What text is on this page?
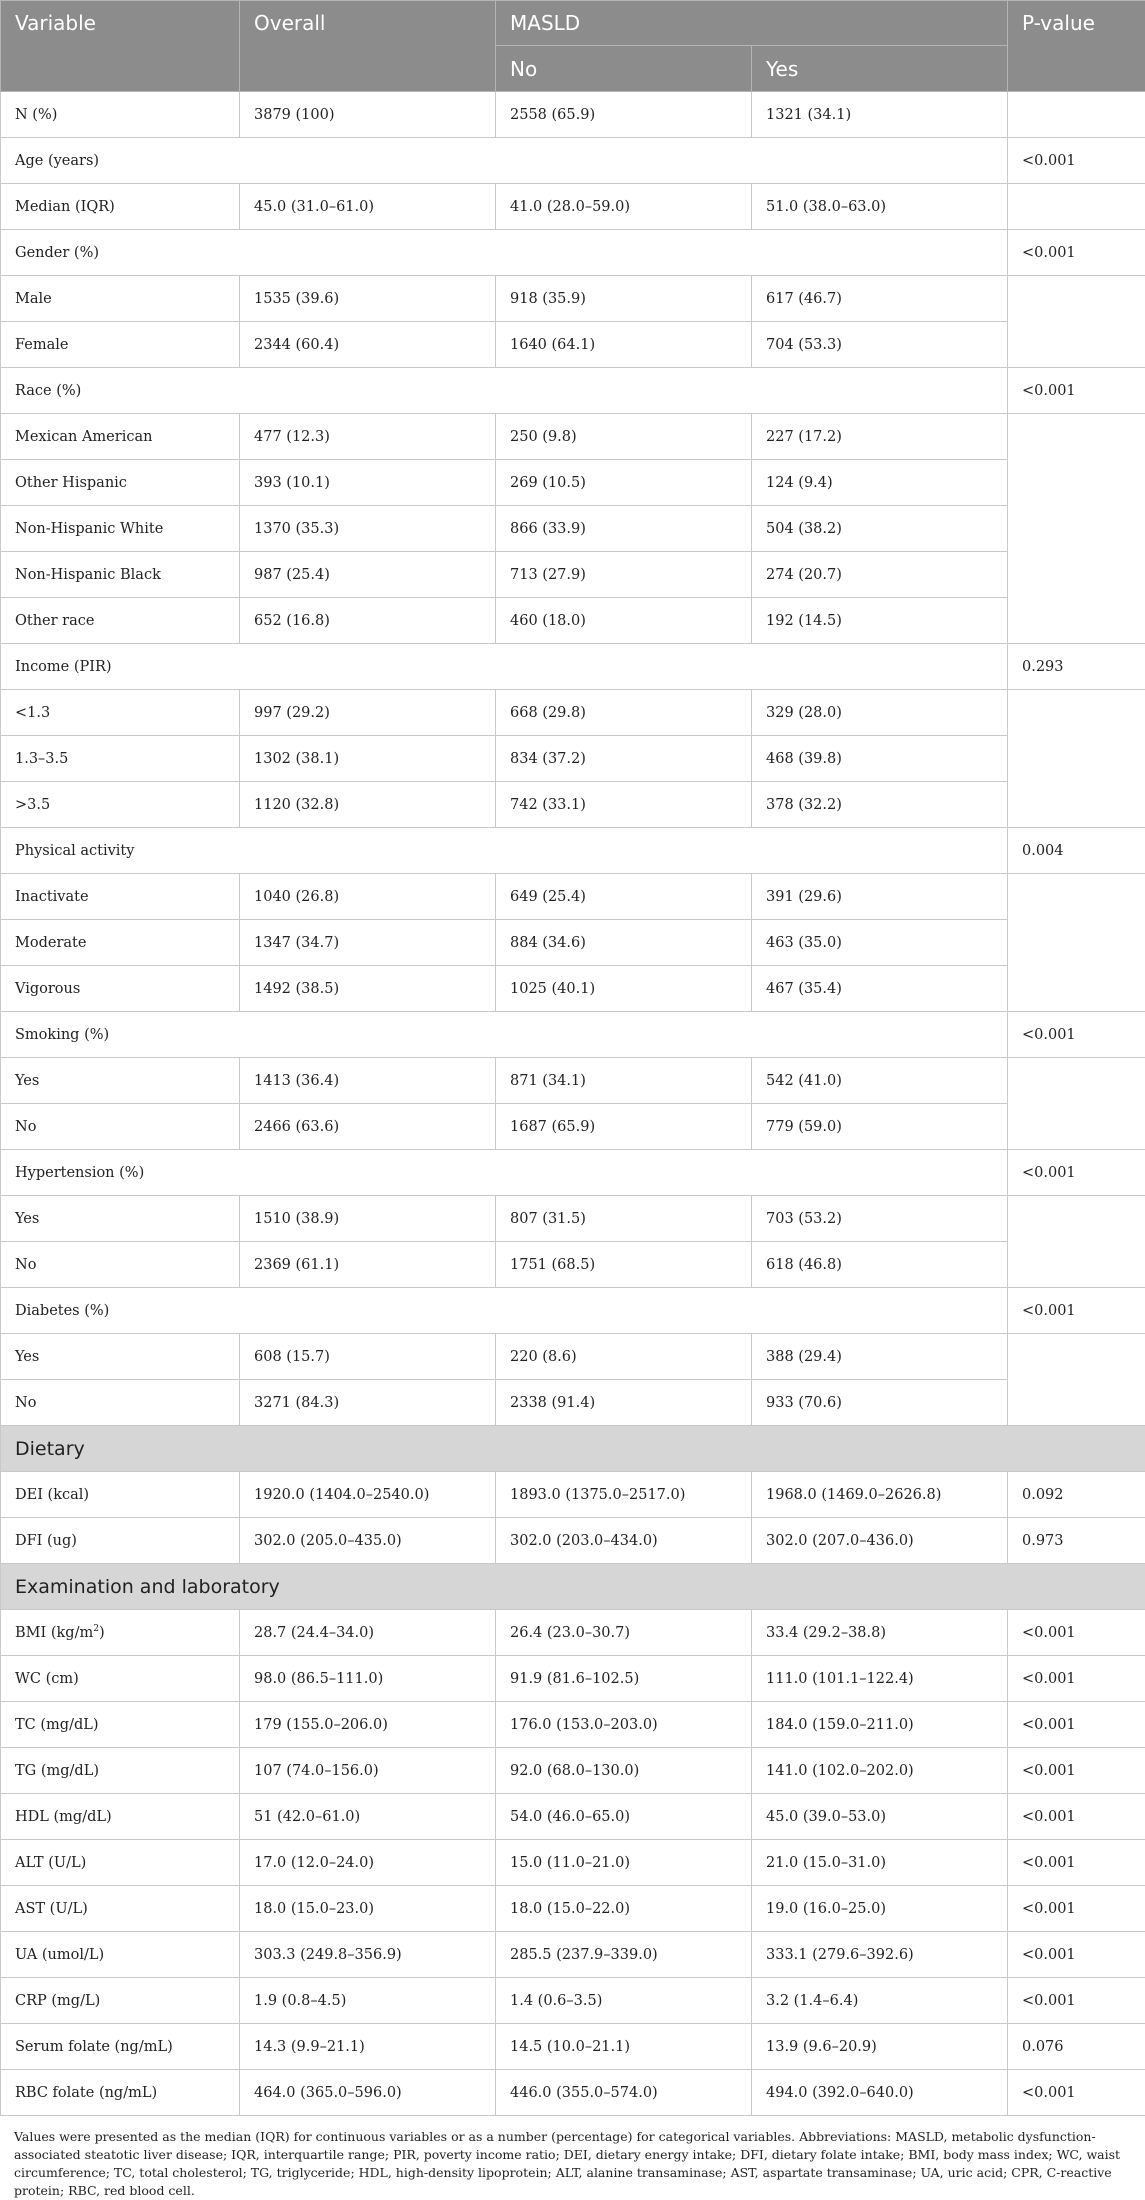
Variable	Overall	MASLD		P-value
		No	Yes	
N (%)	3879 (100)	2558 (65.9)	1321 (34.1)	
Age (years)				<0.001
Median (IQR)	45.0 (31.0–61.0)	41.0 (28.0–59.0)	51.0 (38.0–63.0)	
Gender (%)				<0.001
Male	1535 (39.6)	918 (35.9)	617 (46.7)	
Female	2344 (60.4)	1640 (64.1)	704 (53.3)	
Race (%)				<0.001
Mexican American	477 (12.3)	250 (9.8)	227 (17.2)	
Other Hispanic	393 (10.1)	269 (10.5)	124 (9.4)	
Non-Hispanic White	1370 (35.3)	866 (33.9)	504 (38.2)	
Non-Hispanic Black	987 (25.4)	713 (27.9)	274 (20.7)	
Other race	652 (16.8)	460 (18.0)	192 (14.5)	
Income (PIR)				0.293
<1.3	997 (29.2)	668 (29.8)	329 (28.0)	
1.3–3.5	1302 (38.1)	834 (37.2)	468 (39.8)	
>3.5	1120 (32.8)	742 (33.1)	378 (32.2)	
Physical activity				0.004
Inactivate	1040 (26.8)	649 (25.4)	391 (29.6)	
Moderate	1347 (34.7)	884 (34.6)	463 (35.0)	
Vigorous	1492 (38.5)	1025 (40.1)	467 (35.4)	
Smoking (%)				<0.001
Yes	1413 (36.4)	871 (34.1)	542 (41.0)	
No	2466 (63.6)	1687 (65.9)	779 (59.0)	
Hypertension (%)				<0.001
Yes	1510 (38.9)	807 (31.5)	703 (53.2)	
No	2369 (61.1)	1751 (68.5)	618 (46.8)	
Diabetes (%)				<0.001
Yes	608 (15.7)	220 (8.6)	388 (29.4)	
No	3271 (84.3)	2338 (91.4)	933 (70.6)	
Dietary				
DEI (kcal)	1920.0 (1404.0–2540.0)	1893.0 (1375.0–2517.0)	1968.0 (1469.0–2626.8)	0.092
DFI (ug)	302.0 (205.0–435.0)	302.0 (203.0–434.0)	302.0 (207.0–436.0)	0.973
Examination and laboratory				
BMI $(kg/m^2)$	28.7 (24.4–34.0)	26.4 (23.0–30.7)	33.4 (29.2–38.8)	<0.001
WC (cm)	98.0 (86.5–111.0)	91.9 (81.6–102.5)	111.0 (101.1–122.4)	<0.001
TC (mg/dL)	179 (155.0–206.0)	176.0 (153.0–203.0)	184.0 (159.0–211.0)	<0.001
TG (mg/dL)	107 (74.0–156.0)	92.0 (68.0–130.0)	141.0 (102.0–202.0)	<0.001
HDL (mg/dL)	51 (42.0–61.0)	54.0 (46.0–65.0)	45.0 (39.0–53.0)	<0.001
ALT (U/L)	17.0 (12.0–24.0)	15.0 (11.0–21.0)	21.0 (15.0–31.0)	<0.001
AST (U/L)	18.0 (15.0–23.0)	18.0 (15.0–22.0)	19.0 (16.0–25.0)	<0.001
UA (umol/L)	303.3 (249.8–356.9)	285.5 (237.9–339.0)	333.1 (279.6–392.6)	<0.001
CRP (mg/L)	1.9 (0.8–4.5)	1.4 (0.6–3.5)	3.2 (1.4–6.4)	<0.001
Serum folate (ng/mL)	14.3 (9.9–21.1)	14.5 (10.0–21.1)	13.9 (9.6–20.9)	0.076
RBC folate (ng/mL)	464.0 (365.0–596.0)	446.0 (355.0–574.0)	494.0 (392.0–640.0)	<0.001
Values were presented as the median (IQR) for continuous variables or as a number (percentage) for categorical variables. Abbreviations: MASLD, metabolic dysfunction-associated steatotic liver disease; IQR, interquartile range; PIR, poverty income ratio; DEI, dietary energy intake; DFI, dietary folate intake; BMI, body mass index; WC, waist circumference; TC, total cholesterol; TG, triglyceride; HDL, high-density lipoprotein; ALT, alanine transaminase; AST, aspartate transaminase; UA, uric acid; CPR, C-reactive protein; RBC, red blood cell.
